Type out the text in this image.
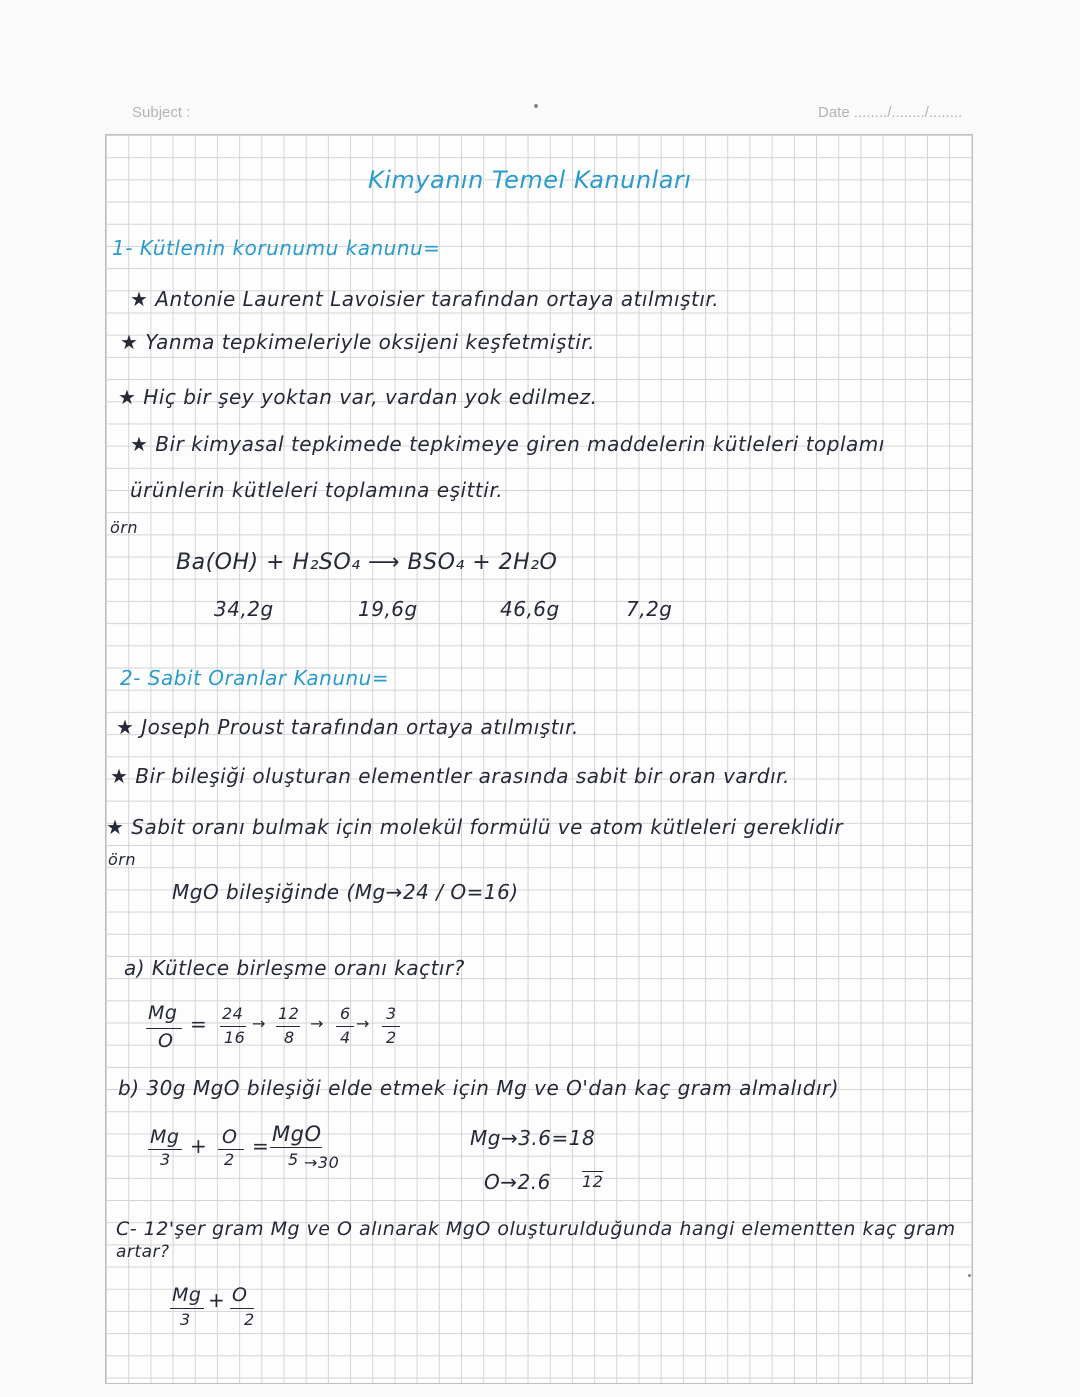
Subject :	Date ......../......../........
Kimyanın Temel Kanunları
1- Kütlenin korunumu kanunu=
★ Antonie Laurent Lavoisier tarafından ortaya atılmıştır.
★ Yanma tepkimeleriyle oksijeni keşfetmiştir.
★ Hiç bir şey yoktan var, vardan yok edilmez.
★ Bir kimyasal tepkimede tepkimeye giren maddelerin kütleleri toplamı
ürünlerin kütleleri toplamına eşittir.
örn
Ba(OH) + H₂SO₄ ⟶ BSO₄ + 2H₂O
34,2g	19,6g	46,6g	7,2g
2- Sabit Oranlar Kanunu=
★ Joseph Proust tarafından ortaya atılmıştır.
★ Bir bileşiği oluşturan elementler arasında sabit bir oran vardır.
★ Sabit oranı bulmak için molekül formülü ve atom kütleleri gereklidir
örn
MgO bileşiğinde (Mg→24 / O=16)
a) Kütlece birleşme oranı kaçtır?
Mg
O
= 24
16
→
12
8
→
6
4
→
3
2
b) 30g MgO bileşiği elde etmek için Mg ve O'dan kaç gram almalıdır)
Mg
3
+ O
2
= MgO
5 →30
Mg→3.6=18
O→2.6 12
C- 12'şer gram Mg ve O alınarak MgO oluşturulduğunda hangi elementten kaç gram
artar?
Mg
3
+ O
2
